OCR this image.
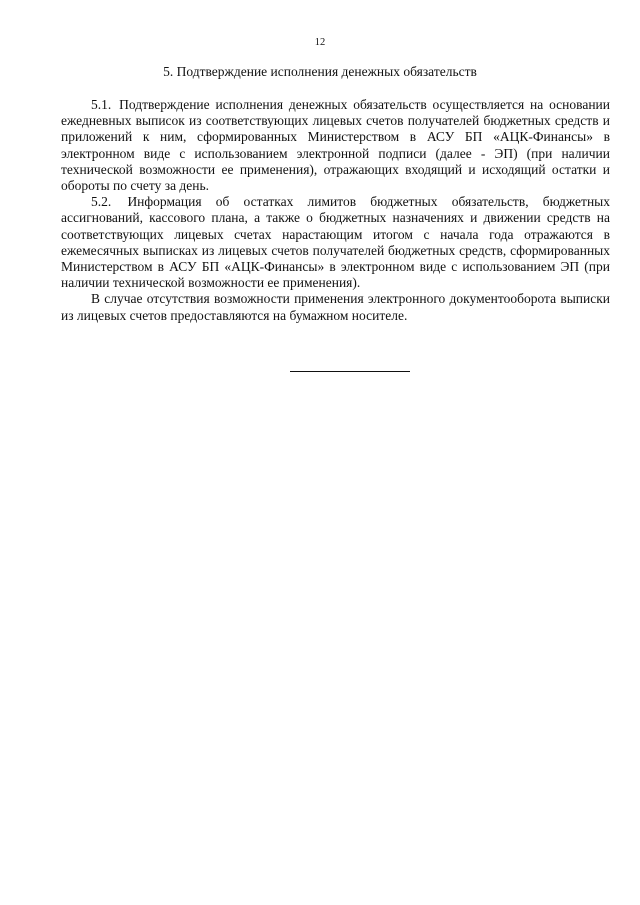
12
5. Подтверждение исполнения денежных обязательств

5.1. Подтверждение исполнения денежных обязательств осуществляется на основании ежедневных выписок из соответствующих лицевых счетов получателей бюджетных средств и приложений к ним, сформированных Министерством в АСУ БП «АЦК-Финансы» в электронном виде с использованием электронной подписи (далее - ЭП) (при наличии технической возможности ее применения), отражающих входящий и исходящий остатки и обороты по счету за день.

5.2. Информация об остатках лимитов бюджетных обязательств, бюджетных ассигнований, кассового плана, а также о бюджетных назначениях и движении средств на соответствующих лицевых счетах нарастающим итогом с начала года отражаются в ежемесячных выписках из лицевых счетов получателей бюджетных средств, сформированных Министерством в АСУ БП «АЦК-Финансы» в электронном виде с использованием ЭП (при наличии технической возможности ее применения).

В случае отсутствия возможности применения электронного документооборота выписки из лицевых счетов предоставляются на бумажном носителе.
